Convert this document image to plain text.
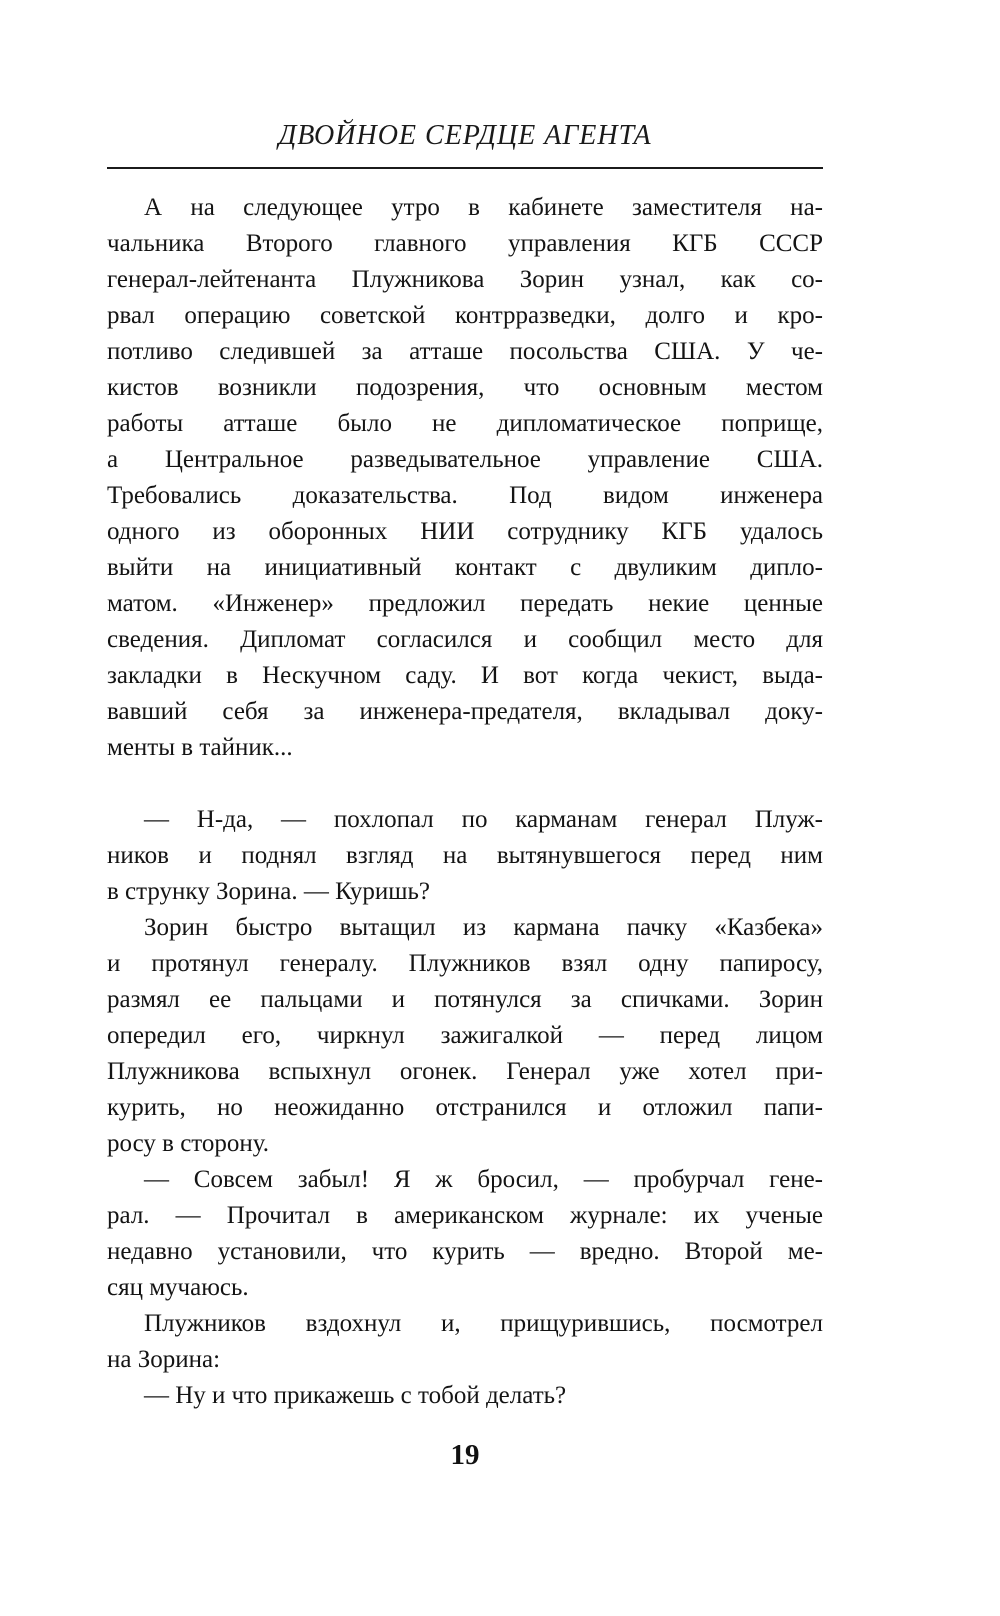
ДВОЙНОЕ СЕРДЦЕ АГЕНТА
А на следующее утро в кабинете заместителя на-
чальника Второго главного управления КГБ СССР
генерал-лейтенанта Плужникова Зорин узнал, как со-
рвал операцию советской контрразведки, долго и кро-
потливо следившей за атташе посольства США. У че-
кистов возникли подозрения, что основным местом
работы атташе было не дипломатическое поприще,
а Центральное разведывательное управление США.
Требовались доказательства. Под видом инженера
одного из оборонных НИИ сотруднику КГБ удалось
выйти на инициативный контакт с двуликим дипло-
матом. «Инженер» предложил передать некие ценные
сведения. Дипломат согласился и сообщил место для
закладки в Нескучном саду. И вот когда чекист, выда-
вавший себя за инженера-предателя, вкладывал доку-
менты в тайник...
— Н-да, — похлопал по карманам генерал Плуж-
ников и поднял взгляд на вытянувшегося перед ним
в струнку Зорина. — Куришь?
Зорин быстро вытащил из кармана пачку «Казбека»
и протянул генералу. Плужников взял одну папиросу,
размял ее пальцами и потянулся за спичками. Зорин
опередил его, чиркнул зажигалкой — перед лицом
Плужникова вспыхнул огонек. Генерал уже хотел при-
курить, но неожиданно отстранился и отложил папи-
росу в сторону.
— Совсем забыл! Я ж бросил, — пробурчал гене-
рал. — Прочитал в американском журнале: их ученые
недавно установили, что курить — вредно. Второй ме-
сяц мучаюсь.
Плужников вздохнул и, прищурившись, посмотрел
на Зорина:
— Ну и что прикажешь с тобой делать?
19
